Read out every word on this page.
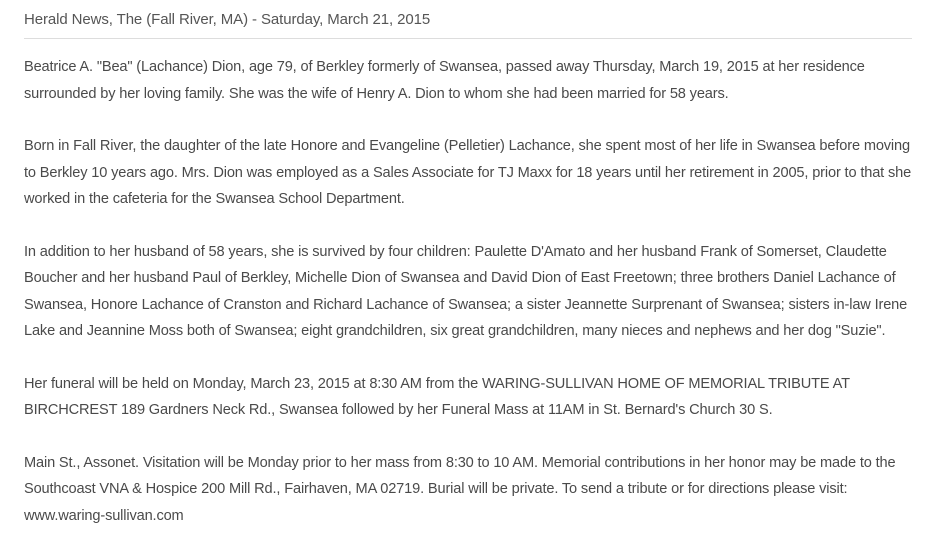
Herald News, The (Fall River, MA) - Saturday, March 21, 2015

Beatrice A. "Bea" (Lachance) Dion, age 79, of Berkley formerly of Swansea, passed away Thursday, March 19, 2015 at her residence surrounded by her loving family. She was the wife of Henry A. Dion to whom she had been married for 58 years.

Born in Fall River, the daughter of the late Honore and Evangeline (Pelletier) Lachance, she spent most of her life in Swansea before moving to Berkley 10 years ago. Mrs. Dion was employed as a Sales Associate for TJ Maxx for 18 years until her retirement in 2005, prior to that she worked in the cafeteria for the Swansea School Department.

In addition to her husband of 58 years, she is survived by four children: Paulette D'Amato and her husband Frank of Somerset, Claudette Boucher and her husband Paul of Berkley, Michelle Dion of Swansea and David Dion of East Freetown; three brothers Daniel Lachance of Swansea, Honore Lachance of Cranston and Richard Lachance of Swansea; a sister Jeannette Surprenant of Swansea; sisters in-law Irene Lake and Jeannine Moss both of Swansea; eight grandchildren, six great grandchildren, many nieces and nephews and her dog "Suzie".

Her funeral will be held on Monday, March 23, 2015 at 8:30 AM from the WARING-SULLIVAN HOME OF MEMORIAL TRIBUTE AT BIRCHCREST 189 Gardners Neck Rd., Swansea followed by her Funeral Mass at 11AM in St. Bernard's Church 30 S.

Main St., Assonet. Visitation will be Monday prior to her mass from 8:30 to 10 AM. Memorial contributions in her honor may be made to the Southcoast VNA & Hospice 200 Mill Rd., Fairhaven, MA 02719. Burial will be private. To send a tribute or for directions please visit: www.waring-sullivan.com
